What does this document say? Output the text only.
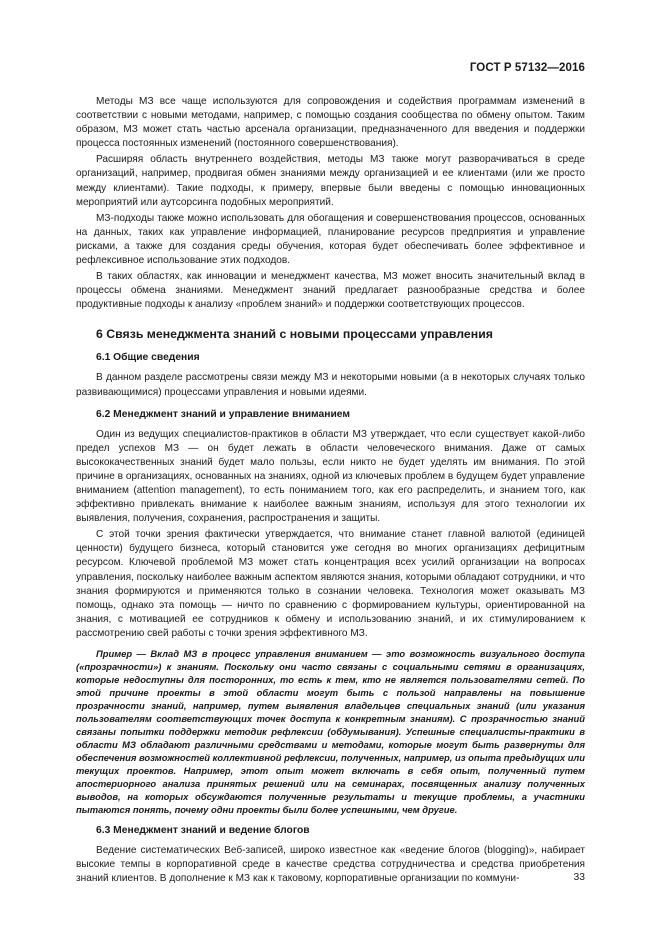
ГОСТ Р 57132—2016

Методы МЗ все чаще используются для сопровождения и содействия программам изменений в соответствии с новыми методами, например, с помощью создания сообщества по обмену опытом. Таким образом, МЗ может стать частью арсенала организации, предназначенного для введения и поддержки процесса постоянных изменений (постоянного совершенствования).

Расширяя область внутреннего воздействия, методы МЗ также могут разворачиваться в среде организаций, например, продвигая обмен знаниями между организацией и ее клиентами (или же просто между клиентами). Такие подходы, к примеру, впервые были введены с помощью инновационных мероприятий или аутсорсинга подобных мероприятий.

МЗ-подходы также можно использовать для обогащения и совершенствования процессов, основанных на данных, таких как управление информацией, планирование ресурсов предприятия и управление рисками, а также для создания среды обучения, которая будет обеспечивать более эффективное и рефлексивное использование этих подходов.

В таких областях, как инновации и менеджмент качества, МЗ может вносить значительный вклад в процессы обмена знаниями. Менеджмент знаний предлагает разнообразные средства и более продуктивные подходы к анализу «проблем знаний» и поддержки соответствующих процессов.

6 Связь менеджмента знаний с новыми процессами управления
6.1 Общие сведения

В данном разделе рассмотрены связи между МЗ и некоторыми новыми (а в некоторых случаях только развивающимися) процессами управления и новыми идеями.

6.2 Менеджмент знаний и управление вниманием

Один из ведущих специалистов-практиков в области МЗ утверждает, что если существует какой-либо предел успехов МЗ — он будет лежать в области человеческого внимания. Даже от самых высококачественных знаний будет мало пользы, если никто не будет уделять им внимания. По этой причине в организациях, основанных на знаниях, одной из ключевых проблем в будущем будет управление вниманием (attention management), то есть пониманием того, как его распределить, и знанием того, как эффективно привлекать внимание к наиболее важным знаниям, используя для этого технологии их выявления, получения, сохранения, распространения и защиты.

С этой точки зрения фактически утверждается, что внимание станет главной валютой (единицей ценности) будущего бизнеса, который становится уже сегодня во многих организациях дефицитным ресурсом. Ключевой проблемой МЗ может стать концентрация всех усилий организации на вопросах управления, поскольку наиболее важным аспектом являются знания, которыми обладают сотрудники, и что знания формируются и применяются только в сознании человека. Технология может оказывать МЗ помощь, однако эта помощь — ничто по сравнению с формированием культуры, ориентированной на знания, с мотивацией ее сотрудников к обмену и использованию знаний, и их стимулированием к рассмотрению свей работы с точки зрения эффективного МЗ.

Пример — Вклад МЗ в процесс управления вниманием — это возможность визуального доступа («прозрачности») к знаниям. Поскольку они часто связаны с социальными сетями в организациях, которые недоступны для посторонних, то есть к тем, кто не является пользователями сетей. По этой причине проекты в этой области могут быть с пользой направлены на повышение прозрачности знаний, например, путем выявления владельцев специальных знаний (или указания пользователям соответствующих точек доступа к конкретным знаниям). С прозрачностью знаний связаны попытки поддержки методик рефлексии (обдумывания). Успешные специалисты-практики в области МЗ обладают различными средствами и методами, которые могут быть развернуты для обеспечения возможностей коллективной рефлексии, полученных, например, из опыта предыдущих или текущих проектов. Например, этот опыт может включать в себя опыт, полученный путем апостериорного анализа принятых решений или на семинарах, посвященных анализу полученных выводов, на которых обсуждаются полученные результаты и текущие проблемы, а участники пытаются понять, почему одни проекты были более успешными, чем другие.

6.3 Менеджмент знаний и ведение блогов

Ведение систематических Веб-записей, широко известное как «ведение блогов (blogging)», набирает высокие темпы в корпоративной среде в качестве средства сотрудничества и средства приобретения знаний клиентов. В дополнение к МЗ как к таковому, корпоративные организации по коммуни-	33
